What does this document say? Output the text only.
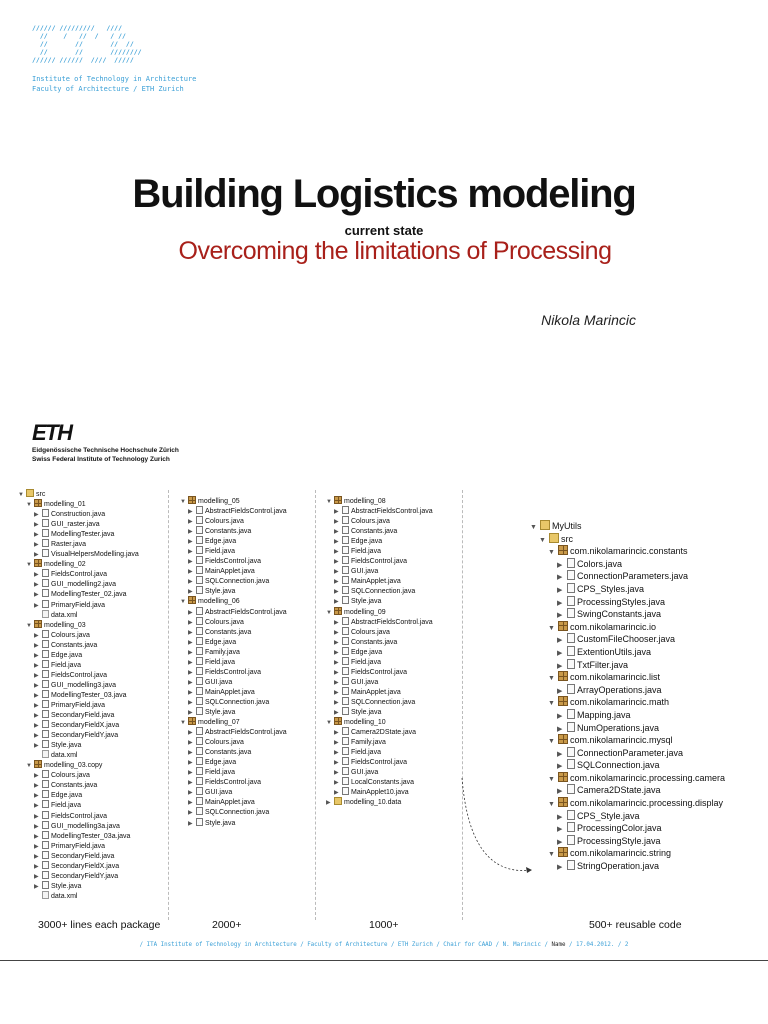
////// /////////   ////
//    /   //  /   / //
//       //       //  //
//       //       ////////
////// //////  ////  /////
Institute of Technology in Architecture
Faculty of Architecture / ETH Zurich
Building Logistics modeling
current state
Overcoming the limitations of Processing
Nikola Marincic
ETH
Eidgenössische Technische Hochschule Zürich
Swiss Federal Institute of Technology Zurich
▼ src
▼ modelling_01
▶ Construction.java
▶ GUI_raster.java
▶ ModellingTester.java
▶ Raster.java
▶ VisualHelpersModelling.java
▼ modelling_02
▶ FieldsControl.java
▶ GUI_modelling2.java
▶ ModellingTester_02.java
▶ PrimaryField.java
data.xml
▼ modelling_03
▶ Colours.java
▶ Constants.java
▶ Edge.java
▶ Field.java
▶ FieldsControl.java
▶ GUI_modelling3.java
▶ ModellingTester_03.java
▶ PrimaryField.java
▶ SecondaryField.java
▶ SecondaryFieldX.java
▶ SecondaryFieldY.java
▶ Style.java
data.xml
▼ modelling_03.copy
▶ Colours.java
▶ Constants.java
▶ Edge.java
▶ Field.java
▶ FieldsControl.java
▶ GUI_modelling3a.java
▶ ModellingTester_03a.java
▶ PrimaryField.java
▶ SecondaryField.java
▶ SecondaryFieldX.java
▶ SecondaryFieldY.java
▶ Style.java
data.xml
▼ modelling_05
▶ AbstractFieldsControl.java
▶ Colours.java
▶ Constants.java
▶ Edge.java
▶ Field.java
▶ FieldsControl.java
▶ MainApplet.java
▶ SQLConnection.java
▶ Style.java
▼ modelling_06
▶ AbstractFieldsControl.java
▶ Colours.java
▶ Constants.java
▶ Edge.java
▶ Family.java
▶ Field.java
▶ FieldsControl.java
▶ GUI.java
▶ MainApplet.java
▶ SQLConnection.java
▶ Style.java
▼ modelling_07
▶ AbstractFieldsControl.java
▶ Colours.java
▶ Constants.java
▶ Edge.java
▶ Field.java
▶ FieldsControl.java
▶ GUI.java
▶ MainApplet.java
▶ SQLConnection.java
▶ Style.java
▼ modelling_08
▶ AbstractFieldsControl.java
▶ Colours.java
▶ Constants.java
▶ Edge.java
▶ Field.java
▶ FieldsControl.java
▶ GUI.java
▶ MainApplet.java
▶ SQLConnection.java
▶ Style.java
▼ modelling_09
▶ AbstractFieldsControl.java
▶ Colours.java
▶ Constants.java
▶ Edge.java
▶ Field.java
▶ FieldsControl.java
▶ GUI.java
▶ MainApplet.java
▶ SQLConnection.java
▶ Style.java
▼ modelling_10
▶ Camera2DState.java
▶ Family.java
▶ Field.java
▶ FieldsControl.java
▶ GUI.java
▶ LocalConstants.java
▶ MainApplet10.java
▶ modelling_10.data
▼ MyUtils
▼ src
▼ com.nikolamarincic.constants
▶ Colors.java
▶ ConnectionParameters.java
▶ CPS_Styles.java
▶ ProcessingStyles.java
▶ SwingConstants.java
▼ com.nikolamarincic.io
▶ CustomFileChooser.java
▶ ExtentionUtils.java
▶ TxtFilter.java
▼ com.nikolamarincic.list
▶ ArrayOperations.java
▼ com.nikolamarincic.math
▶ Mapping.java
▶ NumOperations.java
▼ com.nikolamarincic.mysql
▶ ConnectionParameter.java
▶ SQLConnection.java
▼ com.nikolamarincic.processing.camera
▶ Camera2DState.java
▼ com.nikolamarincic.processing.display
▶ CPS_Style.java
▶ ProcessingColor.java
▶ ProcessingStyle.java
▼ com.nikolamarincic.string
▶ StringOperation.java
3000+ lines each package	2000+	1000+	500+ reusable code
/ ITA Institute of Technology in Architecture / Faculty of Architecture / ETH Zurich / Chair for CAAD / N. Marincic / Name / 17.04.2012. / 2
